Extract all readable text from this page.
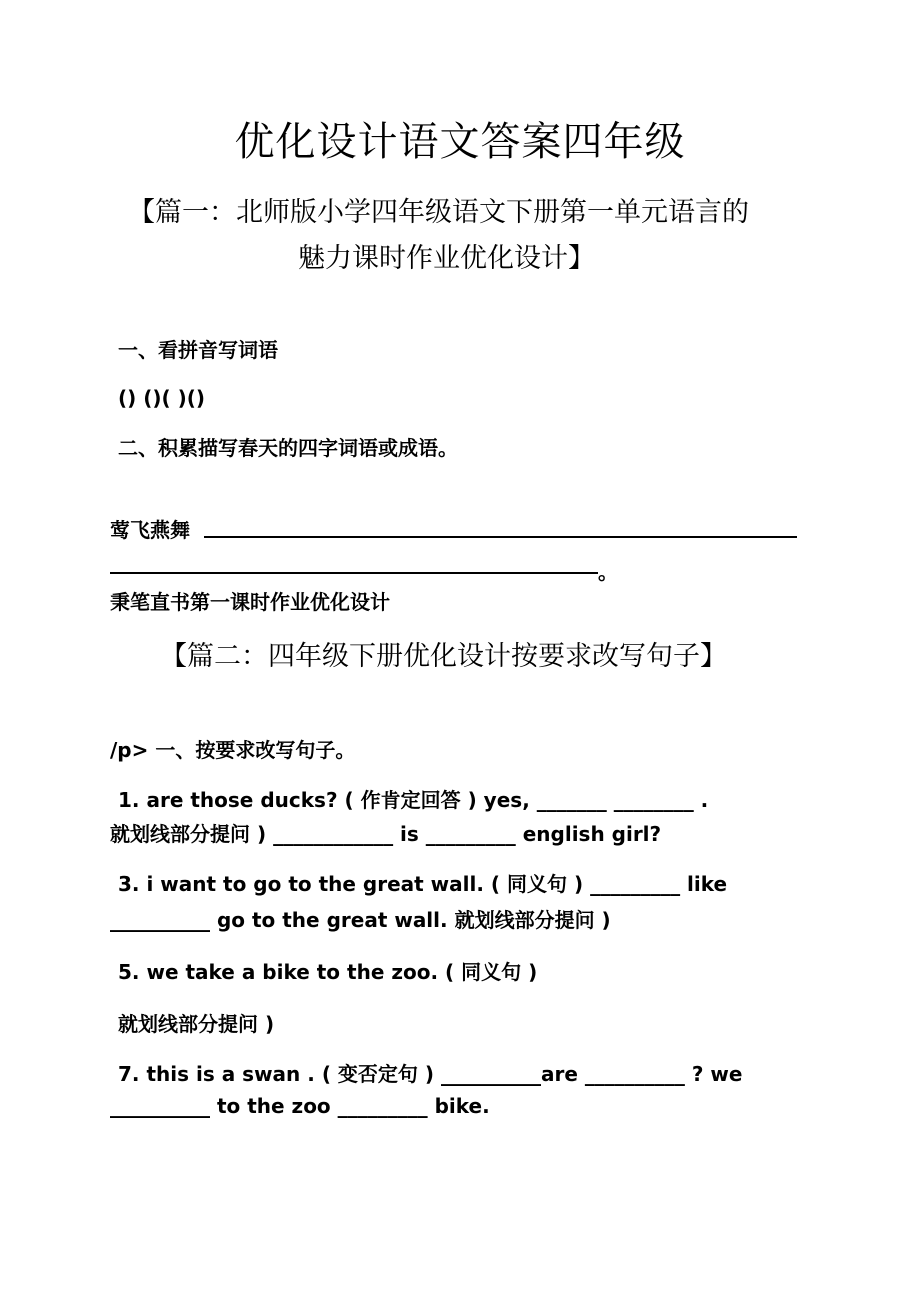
优化设计语文答案四年级
【篇一：北师版小学四年级语文下册第一单元语言的
魅力课时作业优化设计】
一、看拼音写词语
() ()( )()
二、积累描写春天的四字词语或成语。
莺飞燕舞
。
秉笔直书第一课时作业优化设计
【篇二：四年级下册优化设计按要求改写句子】
/p> 一、按要求改写句子。
1. are those ducks? ( 作肯定回答 ) yes, _______ ________ .
就划线部分提问 ) ____________ is _________ english girl?
3. i want to go to the great wall. ( 同义句 ) _________ like
__________ go to the great wall. 就划线部分提问 )
5. we take a bike to the zoo. ( 同义句 )
就划线部分提问 )
7. this is a swan . ( 变否定句 ) __________are __________ ? we
__________ to the zoo _________ bike.
